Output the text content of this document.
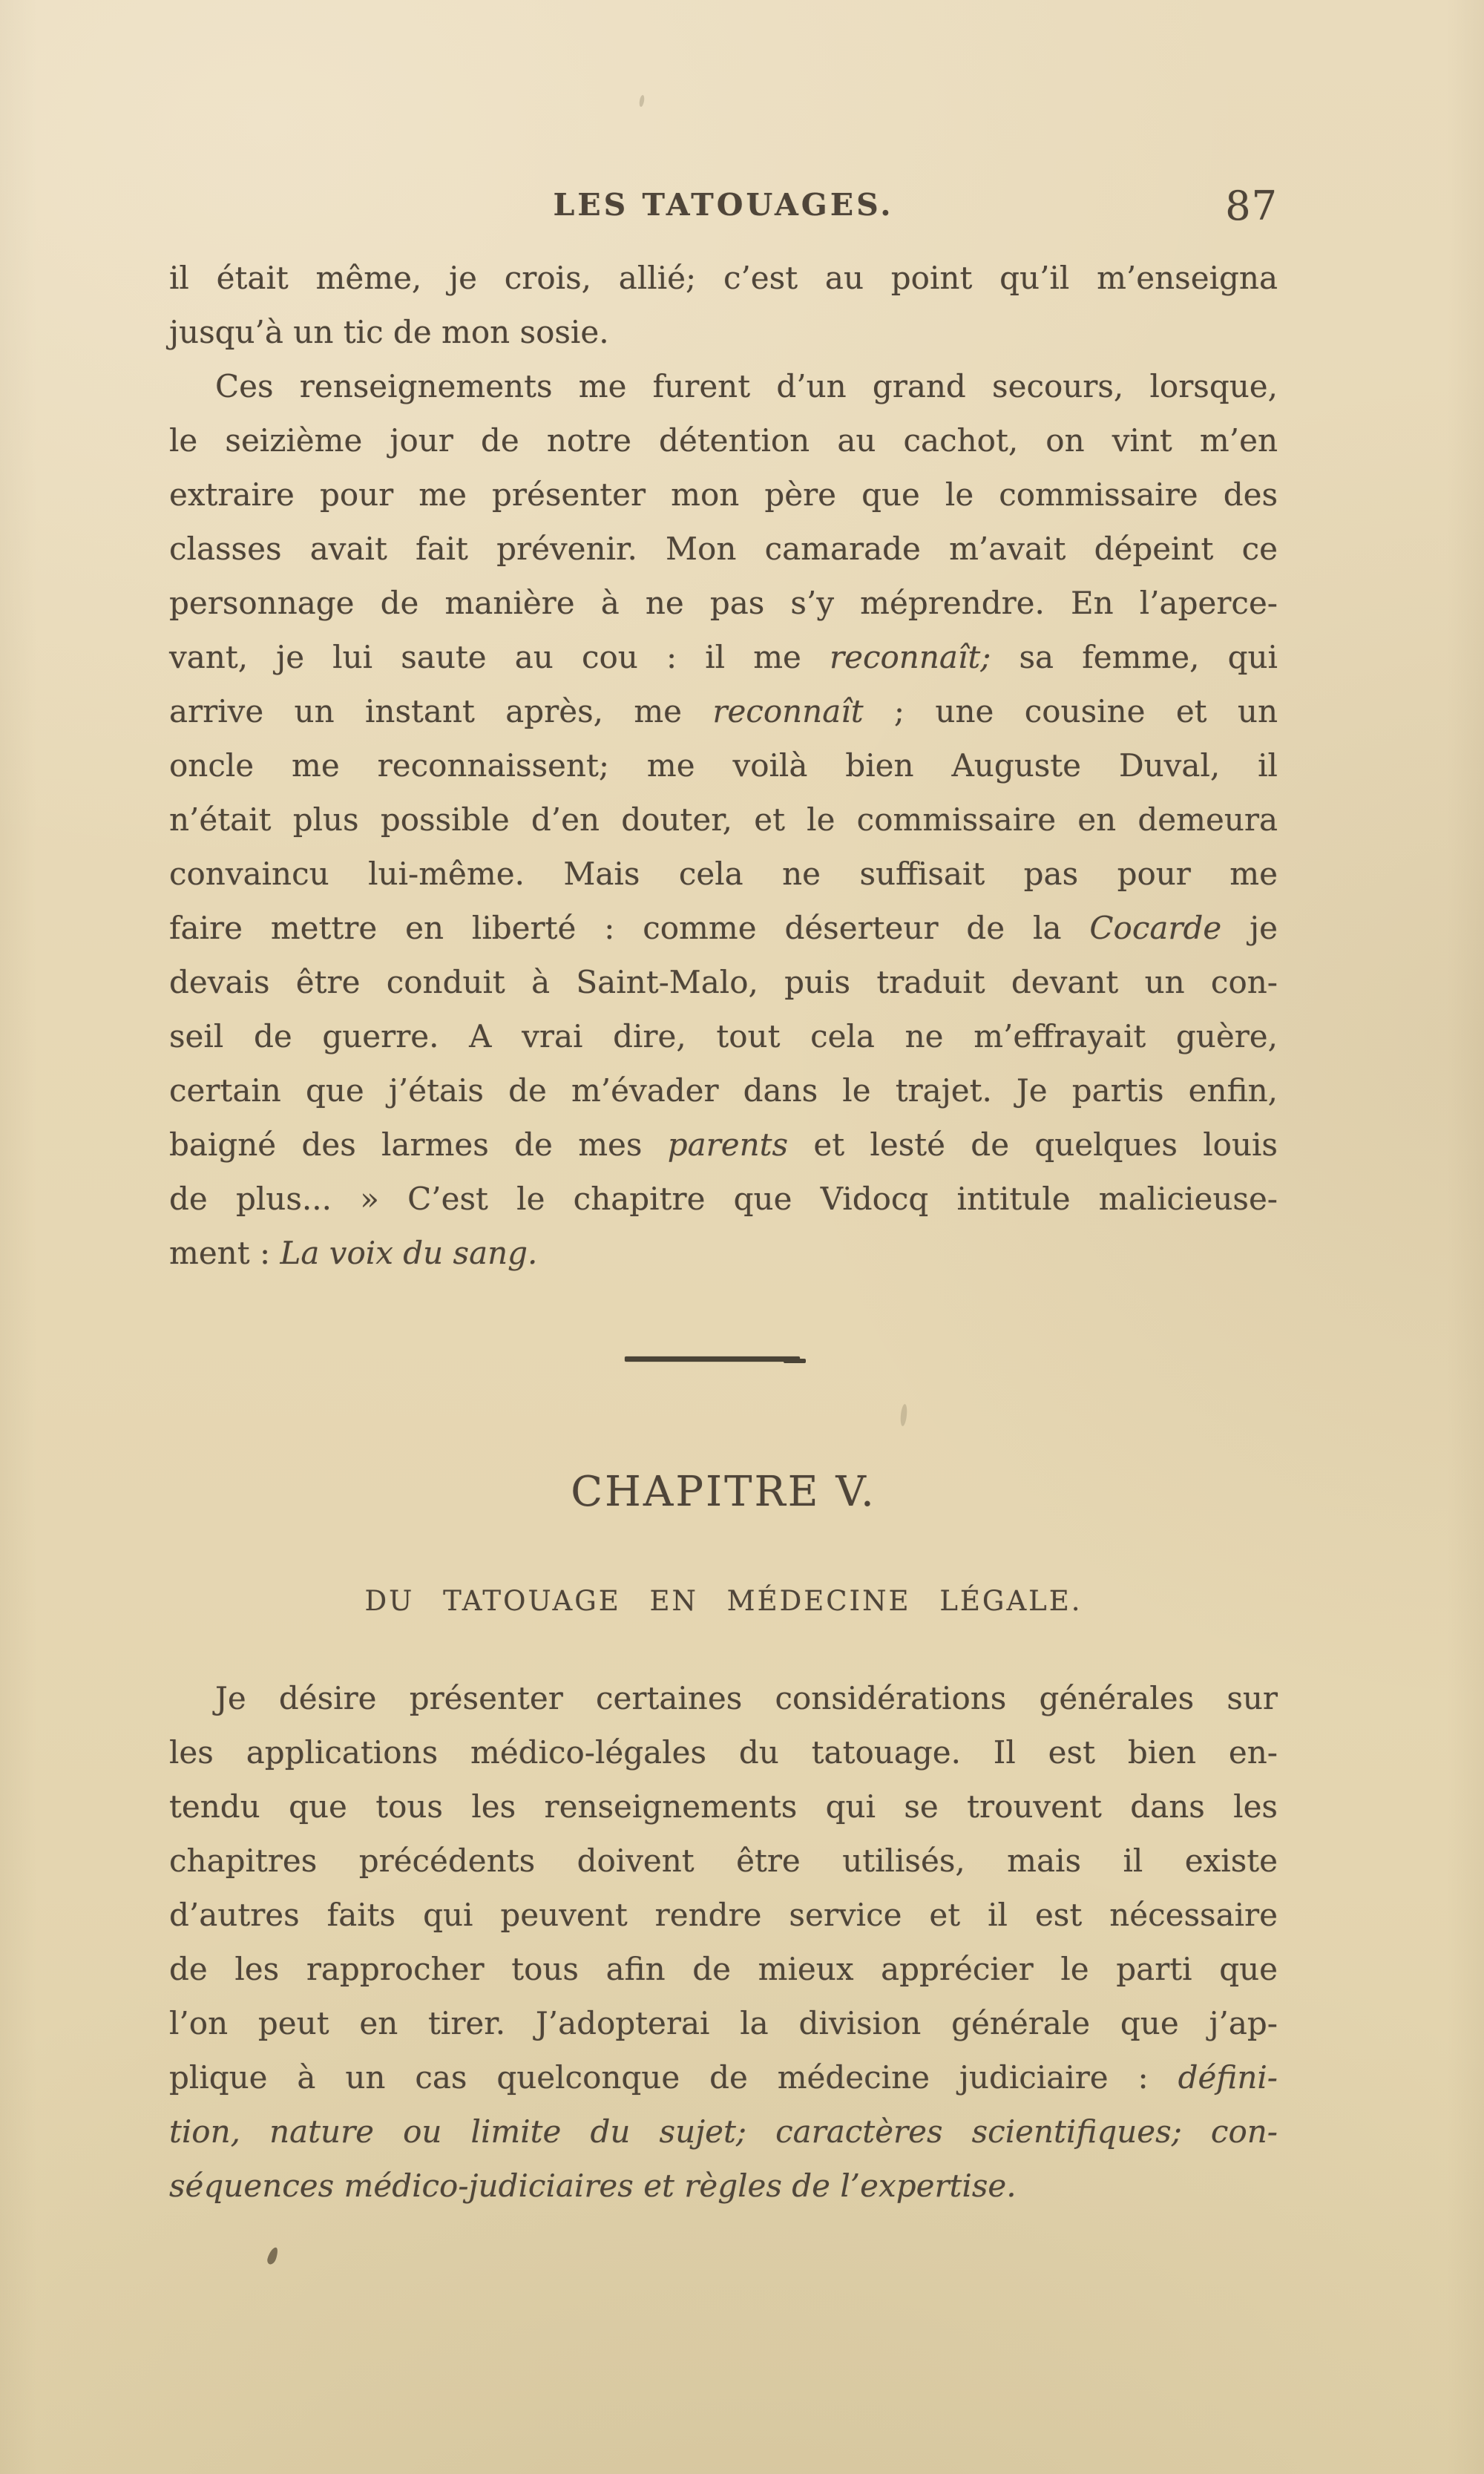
LES TATOUAGES.	87
il était même, je crois, allié; c’est au point qu’il m’enseigna
jusqu’à un tic de mon sosie.
Ces renseignements me furent d’un grand secours, lorsque,
le seizième jour de notre détention au cachot, on vint m’en
extraire pour me présenter mon père que le commissaire des
classes avait fait prévenir. Mon camarade m’avait dépeint ce
personnage de manière à ne pas s’y méprendre. En l’aperce-
vant, je lui saute au cou : il me reconnaît; sa femme, qui
arrive un instant après, me reconnaît ; une cousine et un
oncle me reconnaissent; me voilà bien Auguste Duval, il
n’était plus possible d’en douter, et le commissaire en demeura
convaincu lui-même. Mais cela ne suffisait pas pour me
faire mettre en liberté : comme déserteur de la Cocarde je
devais être conduit à Saint-Malo, puis traduit devant un con-
seil de guerre. A vrai dire, tout cela ne m’effrayait guère,
certain que j’étais de m’évader dans le trajet. Je partis enfin,
baigné des larmes de mes parents et lesté de quelques louis
de plus... » C’est le chapitre que Vidocq intitule malicieuse-
ment : La voix du sang.
CHAPITRE V.
DU TATOUAGE EN MÉDECINE LÉGALE.
Je désire présenter certaines considérations générales sur
les applications médico-légales du tatouage. Il est bien en-
tendu que tous les renseignements qui se trouvent dans les
chapitres précédents doivent être utilisés, mais il existe
d’autres faits qui peuvent rendre service et il est nécessaire
de les rapprocher tous afin de mieux apprécier le parti que
l’on peut en tirer. J’adopterai la division générale que j’ap-
plique à un cas quelconque de médecine judiciaire : défini-
tion, nature ou limite du sujet; caractères scientifiques; con-
séquences médico-judiciaires et règles de l’expertise.
